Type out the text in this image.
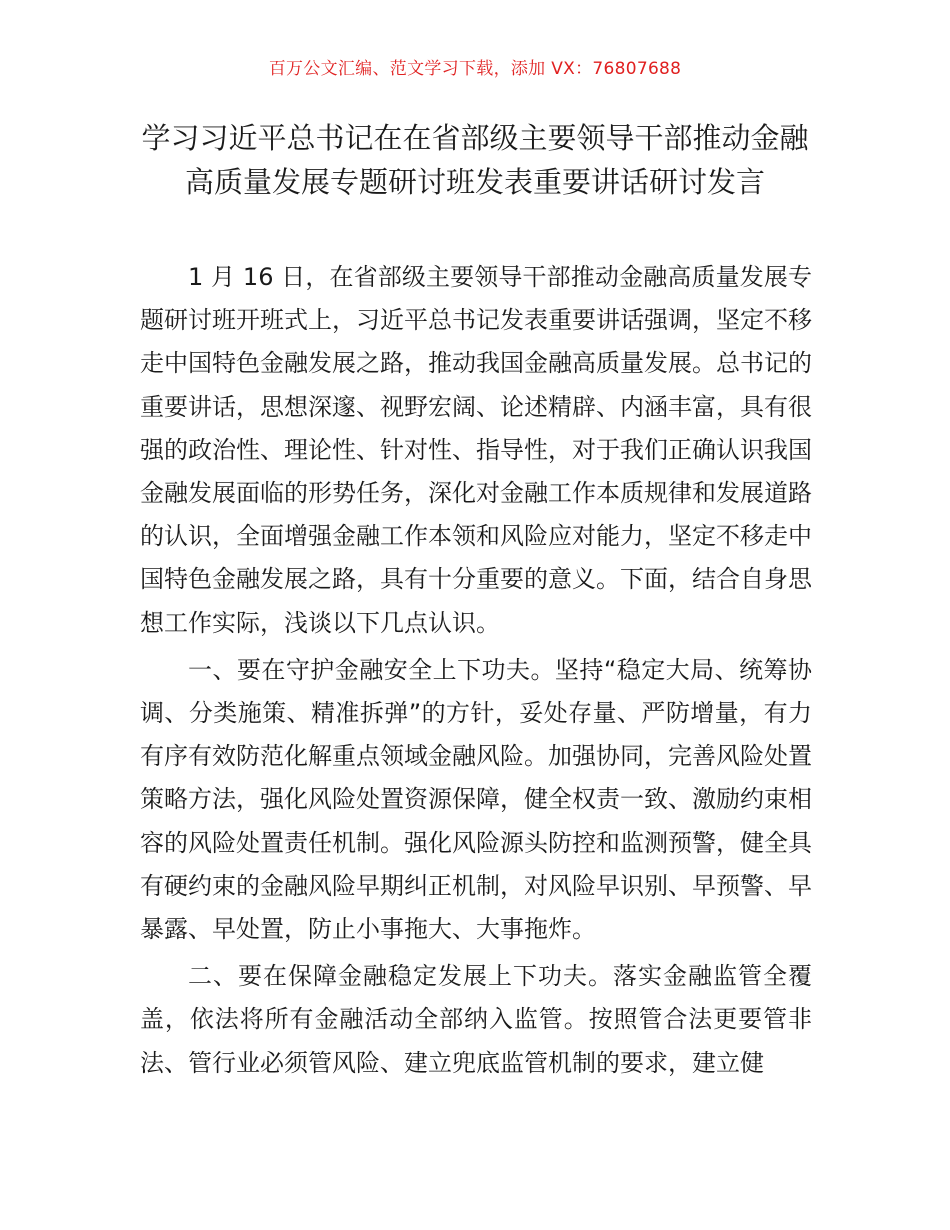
百万公文汇编、范文学习下载，添加 VX：76807688
学习习近平总书记在在省部级主要领导干部推动金融高质量发展专题研讨班发表重要讲话研讨发言

1 月 16 日，在省部级主要领导干部推动金融高质量发展专题研讨班开班式上，习近平总书记发表重要讲话强调，坚定不移走中国特色金融发展之路，推动我国金融高质量发展。总书记的重要讲话，思想深邃、视野宏阔、论述精辟、内涵丰富，具有很强的政治性、理论性、针对性、指导性，对于我们正确认识我国金融发展面临的形势任务，深化对金融工作本质规律和发展道路的认识，全面增强金融工作本领和风险应对能力，坚定不移走中国特色金融发展之路，具有十分重要的意义。下面，结合自身思想工作实际，浅谈以下几点认识。

一、要在守护金融安全上下功夫。坚持“稳定大局、统筹协调、分类施策、精准拆弹”的方针，妥处存量、严防增量，有力有序有效防范化解重点领域金融风险。加强协同，完善风险处置策略方法，强化风险处置资源保障，健全权责一致、激励约束相容的风险处置责任机制。强化风险源头防控和监测预警，健全具有硬约束的金融风险早期纠正机制，对风险早识别、早预警、早暴露、早处置，防止小事拖大、大事拖炸。

二、要在保障金融稳定发展上下功夫。落实金融监管全覆盖，依法将所有金融活动全部纳入监管。按照管合法更要管非法、管行业必须管风险、建立兜底监管机制的要求，建立健
